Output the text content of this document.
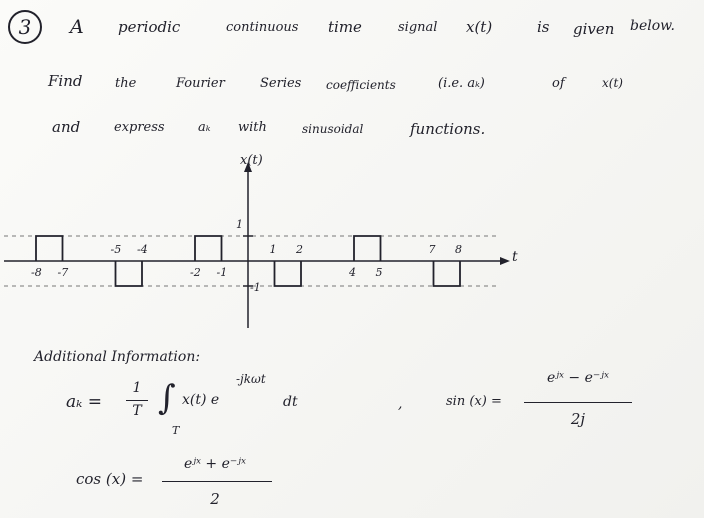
3 A periodic	continuous time	signal x(t)	is given below.
Find	the	Fourier	Series coefficients	(i.e. aₖ)	of	x(t)
and	express	aₖ with	sinusoidal	functions.
-5 -4	1 2	7 8
-8 -7	-2 -1	4 5
x(t)
t
1
-1
Additional Information:
aₖ =
1
T ∫
T
x(t) e
-jkωt
dt	,	sin (x) =
eʲˣ − e⁻ʲˣ
2j
cos (x) =
eʲˣ + e⁻ʲˣ
2
